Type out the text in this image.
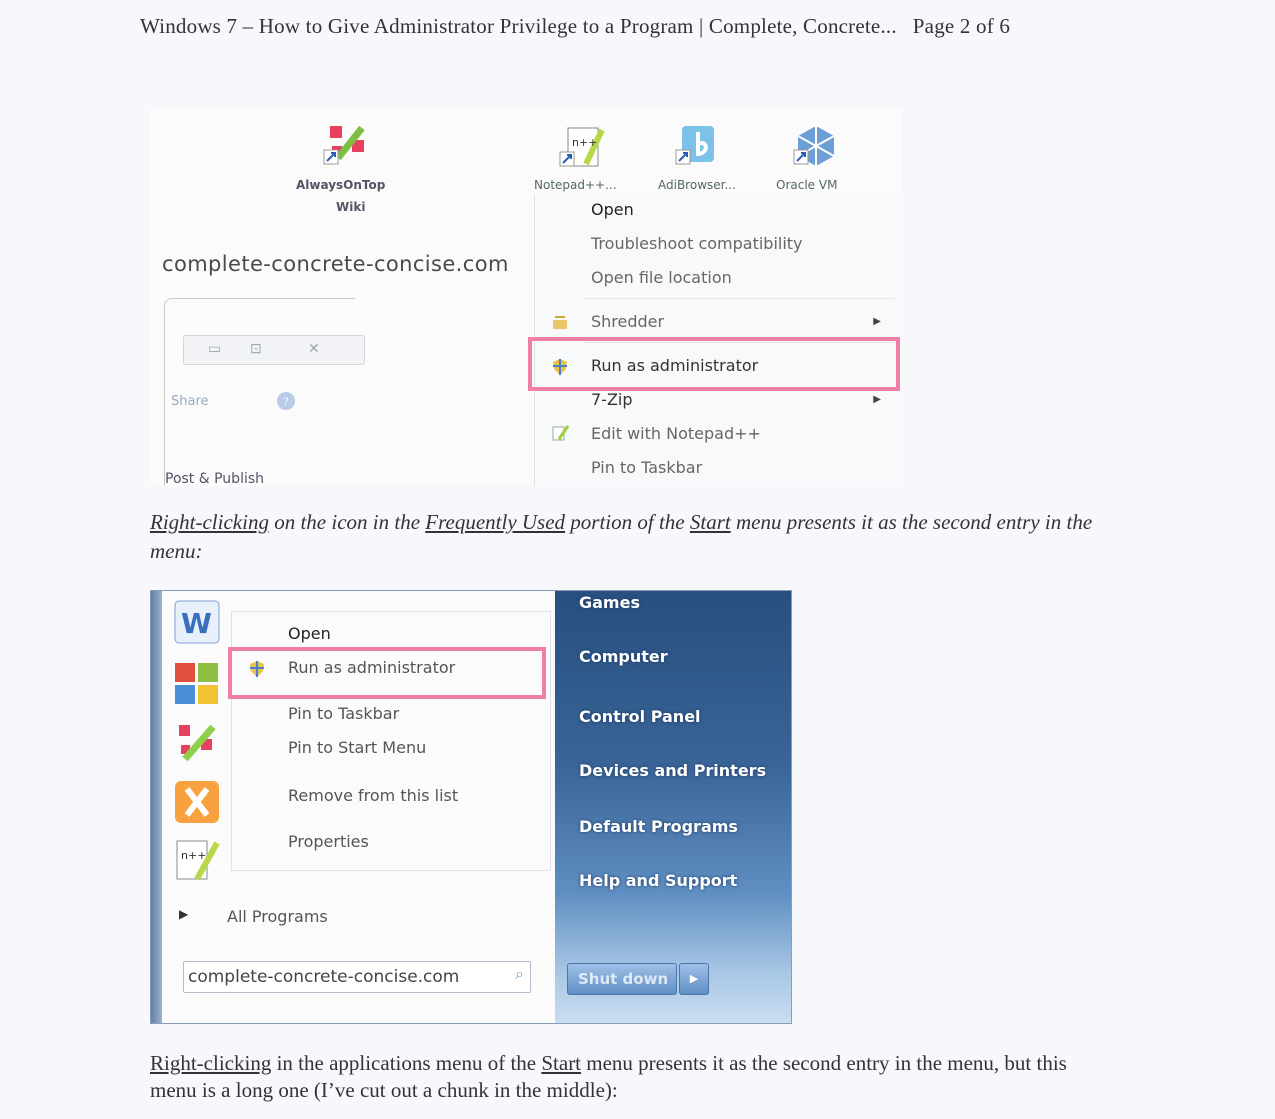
Windows 7 – How to Give Administrator Privilege to a Program | Complete, Concrete... Page 2 of 6
AlwaysOnTop
Wiki
n++
Notepad++...	AdiBrowser...	Oracle VM
complete-concrete-concise.com
▭ ⊡	✕
Share	?
Post & Publish
Open
Troubleshoot compatibility
Open file location
Shredder	▶
Run as administrator
7-Zip	▶
Edit with Notepad++
Pin to Taskbar
Right-clicking on the icon in the Frequently Used portion of the Start menu presents it as the second entry in the menu:
W
n++
Open
Run as administrator
Pin to Taskbar
Pin to Start Menu
Remove from this list
Properties
▶ All Programs
complete-concrete-concise.com	⌕
Games
Computer
Control Panel
Devices and Printers
Default Programs
Help and Support
Shut down	▶
Right-clicking in the applications menu of the Start menu presents it as the second entry in the menu, but this menu is a long one (I’ve cut out a chunk in the middle):
